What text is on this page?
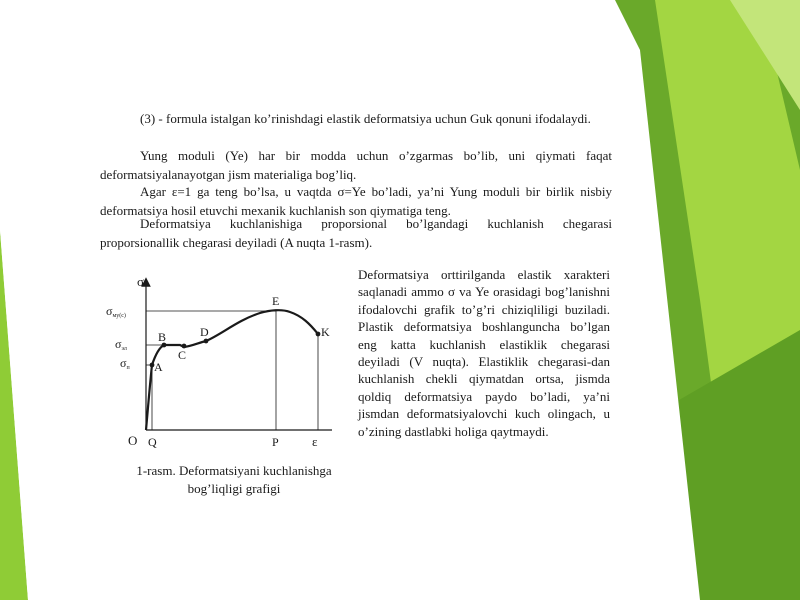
(3) - formula istalgan ko’rinishdagi elastik deformatsiya uchun Guk qonuni ifodalaydi.

Yung moduli (Ye) har bir modda uchun o’zgarmas bo’lib, uni qiymati faqat deformatsiyalanayotgan jism materialiga bog’liq.

Agar ε=1 ga teng bo’lsa, u vaqtda σ=Ye bo’ladi, ya’ni Yung moduli bir birlik nisbiy deformatsiya hosil etuvchi mexanik kuchlanish son qiymatiga teng.

Deformatsiya kuchlanishiga proporsional bo’lgandagi kuchlanish chegarasi proporsionallik chegarasi deyiladi (A nuqta 1-rasm).

σ
ε
O
σму(с)
σэл
σп A
B
C
D
E
K
Q	P
1-rasm. Deformatsiyani kuchlanishga
bog’liqligi grafigi

Deformatsiya orttirilganda elastik xarakteri saqlanadi ammo σ va Ye orasidagi bog’lanishni ifodalovchi grafik to’g’ri chiziqliligi buziladi. Plastik deformatsiya boshlanguncha bo’lgan eng katta kuchlanish elastiklik chegarasi deyiladi (V nuqta). Elastiklik chegarasi-dan kuchlanish chekli qiymatdan ortsa, jismda qoldiq deformatsiya paydo bo’ladi, ya’ni jismdan deformatsiyalovchi kuch olingach, u o’zining dastlabki holiga qaytmaydi.
